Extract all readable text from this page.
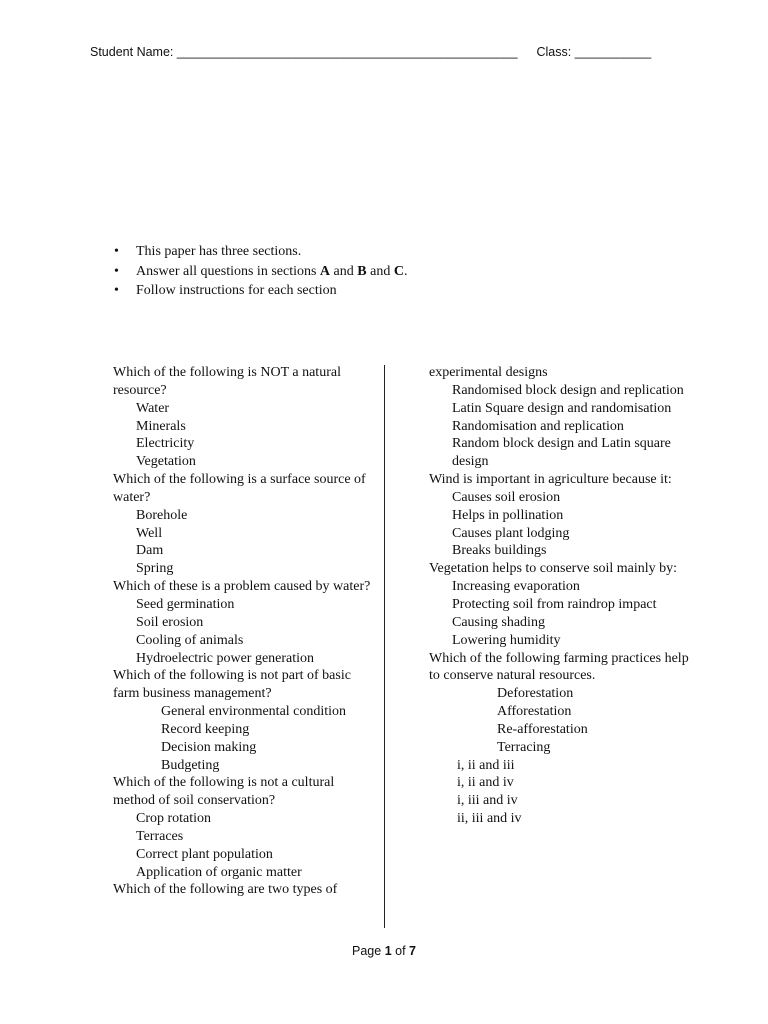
Student Name: _________________________________________________ Class: ___________
• This paper has three sections.
• Answer all questions in sections A and B and C.
• Follow instructions for each section

Which of the following is NOT a natural resource?

Water

Minerals

Electricity

Vegetation

Which of the following is a surface source of water?

Borehole

Well

Dam

Spring

Which of these is a problem caused by water?

Seed germination

Soil erosion

Cooling of animals

Hydroelectric power generation

Which of the following is not part of basic farm business management?

General environmental condition

Record keeping

Decision making

Budgeting

Which of the following is not a cultural method of soil conservation?

Crop rotation

Terraces

Correct plant population

Application of organic matter

Which of the following are two types of

experimental designs

Randomised block design and replication

Latin Square design and randomisation

Randomisation and replication

Random block design and Latin square design

Wind is important in agriculture because it:

Causes soil erosion

Helps in pollination

Causes plant lodging

Breaks buildings

Vegetation helps to conserve soil mainly by:

Increasing evaporation

Protecting soil from raindrop impact

Causing shading

Lowering humidity

Which of the following farming practices help to conserve natural resources.

Deforestation

Afforestation

Re-afforestation

Terracing

i, ii and iii

i, ii and iv

i, iii and iv

ii, iii and iv

Page 1 of 7
